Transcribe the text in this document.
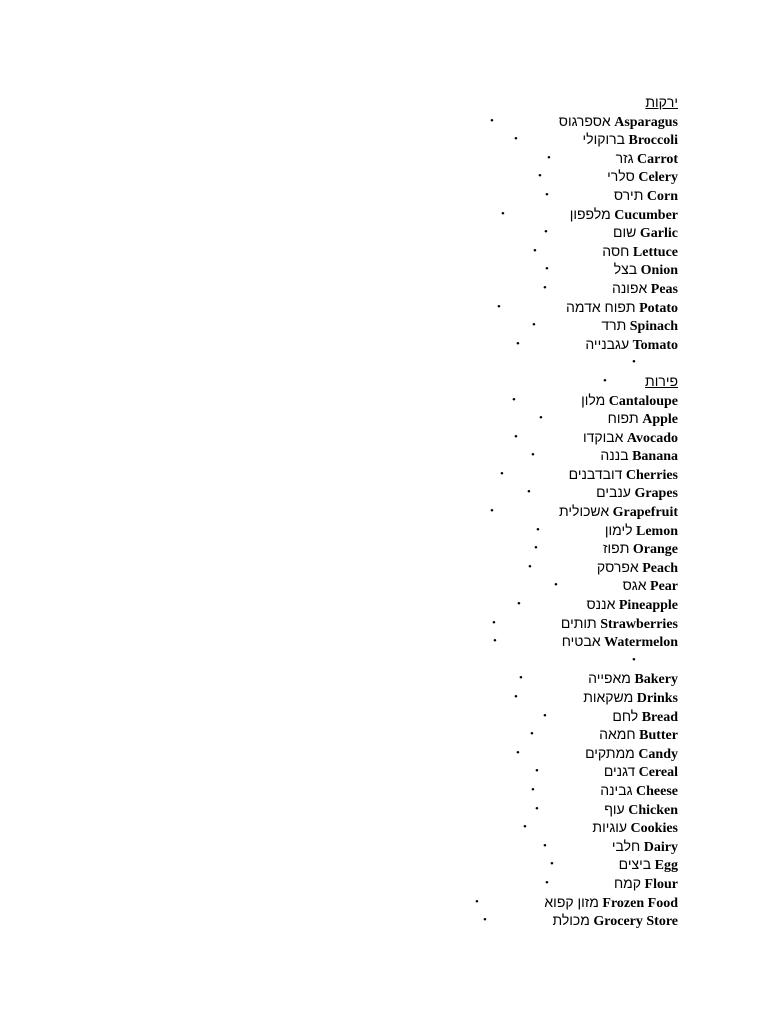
ירקות
אספרגוס Asparagus
•
ברוקולי Broccoli
•
גזר Carrot
•
סלרי Celery
•
תירס Corn
•
מלפפון Cucumber
•
שום Garlic
•
חסה Lettuce
•
בצל Onion
•
אפונה Peas
•
תפוח אדמה Potato
•
תרד Spinach
•
עגבנייה Tomato
•
•
פירות
•
מלון Cantaloupe
•
תפוח Apple
•
אבוקדו Avocado
•
בננה Banana
•
דובדבנים Cherries
•
ענבים Grapes
•
אשכולית Grapefruit
•
לימון Lemon
•
תפוז Orange
•
אפרסק Peach
•
אגס Pear
•
אננס Pineapple
•
תותים Strawberries
•
אבטיח Watermelon
•
•
מאפייה Bakery
•
משקאות Drinks
•
לחם Bread
•
חמאה Butter
•
ממתקים Candy
•
דגנים Cereal
•
גבינה Cheese
•
עוף Chicken
•
עוגיות Cookies
•
חלבי Dairy
•
ביצים Egg
•
קמח Flour
•
מזון קפוא Frozen Food
•
מכולת Grocery Store
•
